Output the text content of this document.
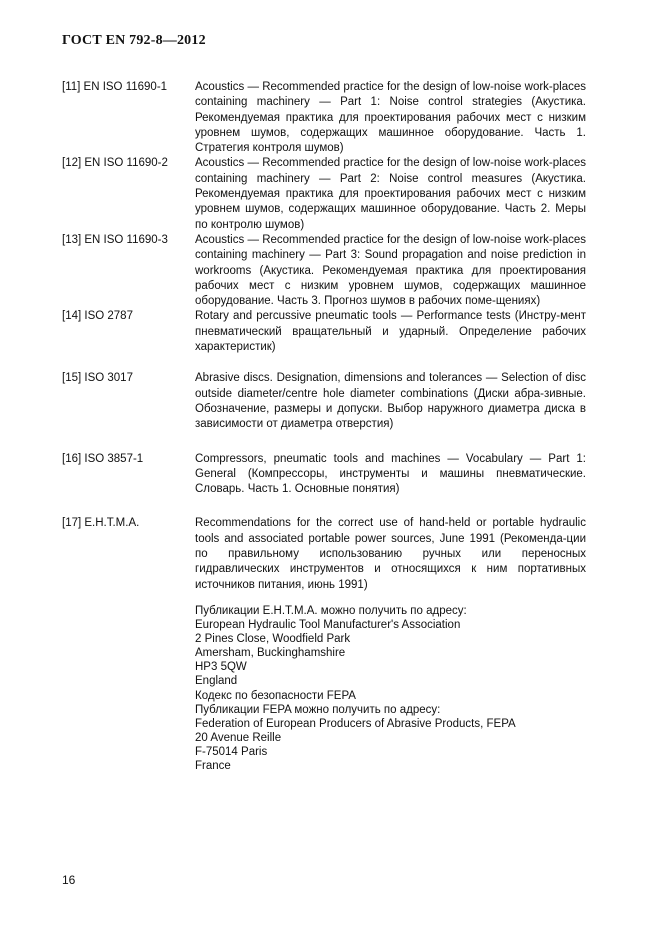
ГОСТ EN 792-8—2012
[11] EN ISO 11690-1	Acoustics — Recommended practice for the design of low-noise work-places containing machinery — Part 1: Noise control strategies (Акустика. Рекомендуемая практика для проектирования рабочих мест с низким уровнем шумов, содержащих машинное оборудование. Часть 1. Стратегия контроля шумов)
[12] EN ISO 11690-2	Acoustics — Recommended practice for the design of low-noise work-places containing machinery — Part 2: Noise control measures (Акустика. Рекомендуемая практика для проектирования рабочих мест с низким уровнем шумов, содержащих машинное оборудование. Часть 2. Меры по контролю шумов)
[13] EN ISO 11690-3	Acoustics — Recommended practice for the design of low-noise work-places containing machinery — Part 3: Sound propagation and noise prediction in workrooms (Акустика. Рекомендуемая практика для проектирования рабочих мест с низким уровнем шумов, содержащих машинное оборудование. Часть 3. Прогноз шумов в рабочих поме-щениях)
[14] ISO 2787	Rotary and percussive pneumatic tools — Performance tests (Инстру-мент пневматический вращательный и ударный. Определение рабочих характеристик)
[15] ISO 3017	Abrasive discs. Designation, dimensions and tolerances — Selection of disc outside diameter/centre hole diameter combinations (Диски абра-зивные. Обозначение, размеры и допуски. Выбор наружного диаметра диска в зависимости от диаметра отверстия)
[16] ISO 3857-1	Compressors, pneumatic tools and machines — Vocabulary — Part 1: General (Компрессоры, инструменты и машины пневматические. Словарь. Часть 1. Основные понятия)
[17] E.H.T.M.A.	Recommendations for the correct use of hand-held or portable hydraulic tools and associated portable power sources, June 1991 (Рекоменда-ции по правильному использованию ручных или переносных гидравлических инструментов и относящихся к ним портативных источников питания, июнь 1991)
Публикации E.H.T.M.A. можно получить по адресу:
European Hydraulic Tool Manufacturer's Association
2 Pines Close, Woodfield Park
Amersham, Buckinghamshire
HP3 5QW
England
Кодекс по безопасности FEPA
Публикации FEPA можно получить по адресу:
Federation of European Producers of Abrasive Products, FEPA
20 Avenue Reille
F-75014 Paris
France
16
